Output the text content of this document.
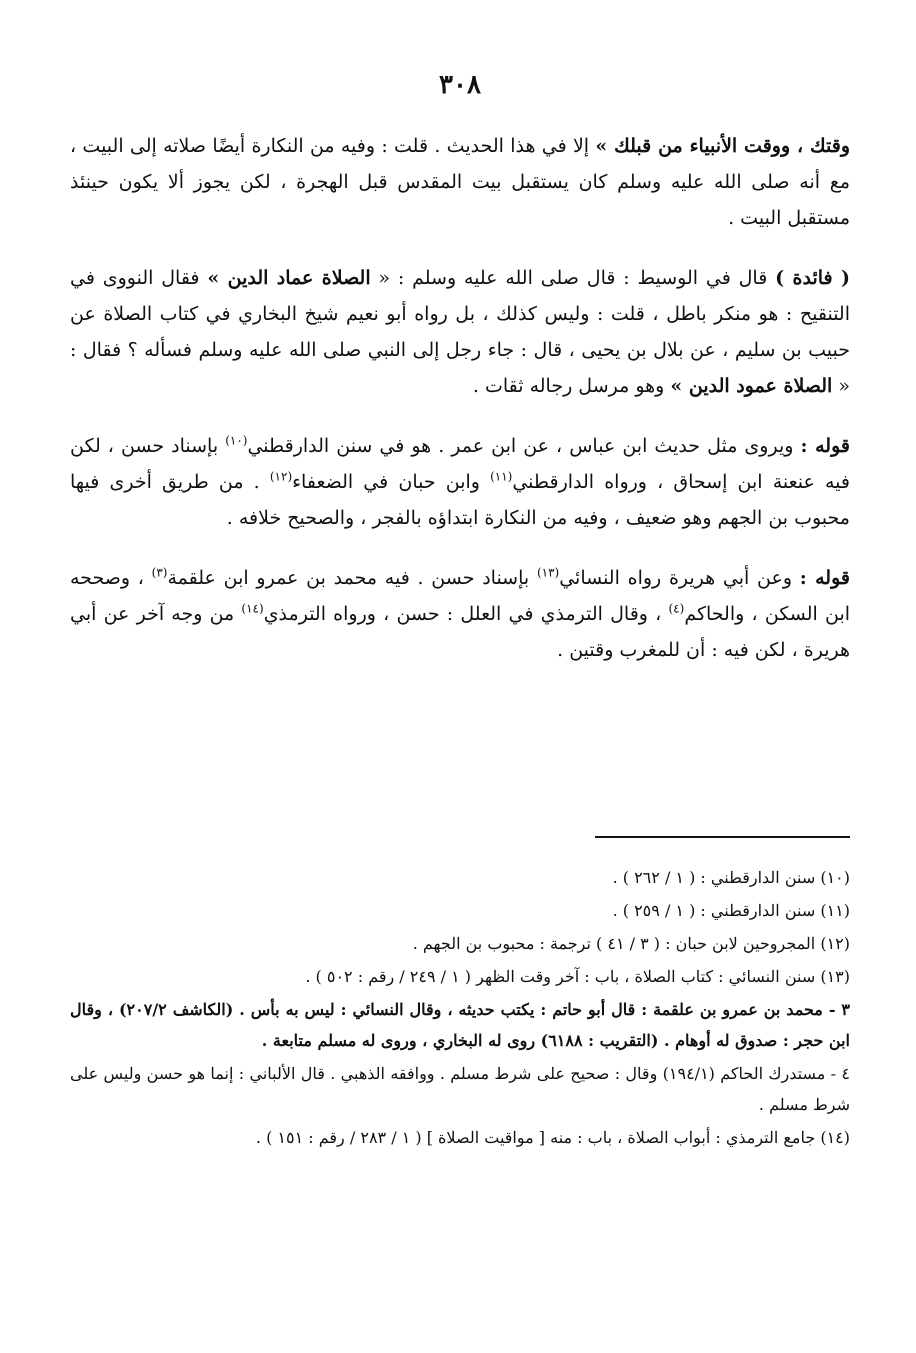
٣٠٨

وقتك ، ووقت الأنبياء من قبلك » إلا في هذا الحديث . قلت : وفيه من النكارة أيضًا صلاته إلى البيت ، مع أنه صلى الله عليه وسلم كان يستقبل بيت المقدس قبل الهجرة ، لكن يجوز ألا يكون حينئذ مستقبل البيت .

( فائدة ) قال في الوسيط : قال صلى الله عليه وسلم : « الصلاة عماد الدين » فقال النووى في التنقيح : هو منكر باطل ، قلت : وليس كذلك ، بل رواه أبو نعيم شيخ البخاري في كتاب الصلاة عن حبيب بن سليم ، عن بلال بن يحيى ، قال : جاء رجل إلى النبي صلى الله عليه وسلم فسأله ؟ فقال : « الصلاة عمود الدين » وهو مرسل رجاله ثقات .

قوله : ويروى مثل حديث ابن عباس ، عن ابن عمر . هو في سنن الدارقطني$^{(١٠)}$ بإسناد حسن ، لكن فيه عنعنة ابن إسحاق ، ورواه الدارقطني$^{(١١)}$ وابن حبان في الضعفاء$^{(١٢)}$ . من طريق أخرى فيها محبوب بن الجهم وهو ضعيف ، وفيه من النكارة ابتداؤه بالفجر ، والصحيح خلافه .

قوله : وعن أبي هريرة رواه النسائي$^{(١٣)}$ بإسناد حسن . فيه محمد بن عمرو ابن علقمة$^{(٣)}$ ، وصححه ابن السكن ، والحاكم$^{(٤)}$ ، وقال الترمذي في العلل : حسن ، ورواه الترمذي$^{(١٤)}$ من وجه آخر عن أبي هريرة ، لكن فيه : أن للمغرب وقتين .

(١٠) سنن الدارقطني : ( ١ / ٢٦٢ ) .

(١١) سنن الدارقطني : ( ١ / ٢٥٩ ) .

(١٢) المجروحين لابن حبان : ( ٣ / ٤١ ) ترجمة : محبوب بن الجهم .

(١٣) سنن النسائي : كتاب الصلاة ، باب : آخر وقت الظهر ( ١ / ٢٤٩ / رقم : ٥٠٢ ) .

٣ - محمد بن عمرو بن علقمة : قال أبو حاتم : يكتب حديثه ، وقال النسائي : ليس به بأس . (الكاشف ٢٠٧/٢) ، وقال ابن حجر : صدوق له أوهام . (التقريب : ٦١٨٨) روى له البخاري ، وروى له مسلم متابعة .

٤ - مستدرك الحاكم (١٩٤/١) وقال : صحيح على شرط مسلم . ووافقه الذهبي . قال الألباني : إنما هو حسن وليس على شرط مسلم .

(١٤) جامع الترمذي : أبواب الصلاة ، باب : منه [ مواقيت الصلاة ] ( ١ / ٢٨٣ / رقم : ١٥١ ) .
